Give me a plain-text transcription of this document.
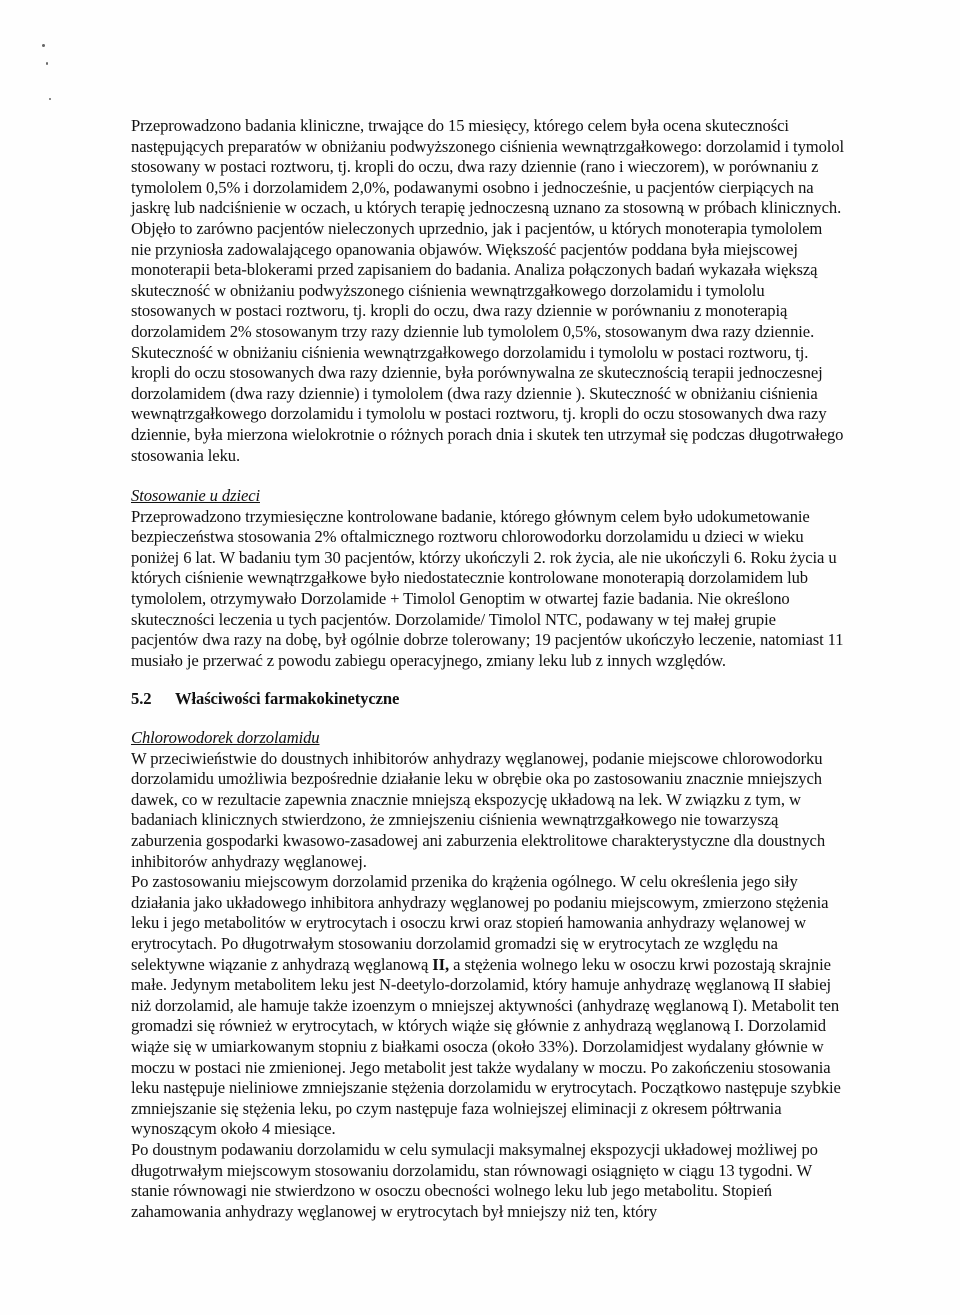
Przeprowadzono badania kliniczne, trwające do 15 miesięcy, którego celem była ocena skuteczności następujących preparatów w obniżaniu podwyższonego ciśnienia wewnątrzgałkowego: dorzolamid i tymolol stosowany w postaci roztworu, tj. kropli do oczu, dwa razy dziennie (rano i wieczorem), w porównaniu z tymololem 0,5% i dorzolamidem 2,0%, podawanymi osobno i jednocześnie, u pacjentów cierpiących na jaskrę lub nadciśnienie w oczach, u których terapię jednoczesną uznano za stosowną w próbach klinicznych. Objęło to zarówno pacjentów nieleczonych uprzednio, jak i pacjentów, u których monoterapia tymololem nie przyniosła zadowalającego opanowania objawów. Większość pacjentów poddana była miejscowej monoterapii beta-blokerami przed zapisaniem do badania. Analiza połączonych badań wykazała większą skuteczność w obniżaniu podwyższonego ciśnienia wewnątrzgałkowego dorzolamidu i tymololu stosowanych w postaci roztworu, tj. kropli do oczu, dwa razy dziennie w porównaniu z monoterapią dorzolamidem 2% stosowanym trzy razy dziennie lub tymololem 0,5%, stosowanym dwa razy dziennie. Skuteczność w obniżaniu ciśnienia wewnątrzgałkowego dorzolamidu i tymololu w postaci roztworu, tj. kropli do oczu stosowanych dwa razy dziennie, była porównywalna ze skutecznością terapii jednoczesnej dorzolamidem (dwa razy dziennie) i tymololem (dwa razy dziennie ). Skuteczność w obniżaniu ciśnienia wewnątrzgałkowego dorzolamidu i tymololu w postaci roztworu, tj. kropli do oczu stosowanych dwa razy dziennie, była mierzona wielokrotnie o różnych porach dnia i skutek ten utrzymał się podczas długotrwałego stosowania leku.

Stosowanie u dzieci

Przeprowadzono trzymiesięczne kontrolowane badanie, którego głównym celem było udokumetowanie bezpieczeństwa stosowania 2% oftalmicznego roztworu chlorowodorku dorzolamidu u dzieci w wieku poniżej 6 lat. W badaniu tym 30 pacjentów, którzy ukończyli 2. rok życia, ale nie ukończyli 6. Roku życia u których ciśnienie wewnątrzgałkowe było niedostatecznie kontrolowane monoterapią dorzolamidem lub tymololem, otrzymywało Dorzolamide + Timolol Genoptim w otwartej fazie badania. Nie określono skuteczności leczenia u tych pacjentów. Dorzolamide/ Timolol NTC, podawany w tej małej grupie pacjentów dwa razy na dobę, był ogólnie dobrze tolerowany; 19 pacjentów ukończyło leczenie, natomiast 11 musiało je przerwać z powodu zabiegu operacyjnego, zmiany leku lub z innych względów.

5.2 Właściwości farmakokinetyczne

Chlorowodorek dorzolamidu

W przeciwieństwie do doustnych inhibitorów anhydrazy węglanowej, podanie miejscowe chlorowodorku dorzolamidu umożliwia bezpośrednie działanie leku w obrębie oka po zastosowaniu znacznie mniejszych dawek, co w rezultacie zapewnia znacznie mniejszą ekspozycję układową na lek. W związku z tym, w badaniach klinicznych stwierdzono, że zmniejszeniu ciśnienia wewnątrzgałkowego nie towarzyszą zaburzenia gospodarki kwasowo-zasadowej ani zaburzenia elektrolitowe charakterystyczne dla doustnych inhibitorów anhydrazy węglanowej.

Po zastosowaniu miejscowym dorzolamid przenika do krążenia ogólnego. W celu określenia jego siły działania jako układowego inhibitora anhydrazy węglanowej po podaniu miejscowym, zmierzono stężenia leku i jego metabolitów w erytrocytach i osoczu krwi oraz stopień hamowania anhydrazy węlanowej w erytrocytach. Po długotrwałym stosowaniu dorzolamid gromadzi się w erytrocytach ze względu na selektywne wiązanie z anhydrazą węglanową II, a stężenia wolnego leku w osoczu krwi pozostają skrajnie małe. Jedynym metabolitem leku jest N-deetylo-dorzolamid, który hamuje anhydrazę węglanową II słabiej niż dorzolamid, ale hamuje także izoenzym o mniejszej aktywności (anhydrazę węglanową I). Metabolit ten gromadzi się również w erytrocytach, w których wiąże się głównie z anhydrazą węglanową I. Dorzolamid wiąże się w umiarkowanym stopniu z białkami osocza (około 33%). Dorzolamidjest wydalany głównie w moczu w postaci nie zmienionej. Jego metabolit jest także wydalany w moczu. Po zakończeniu stosowania leku następuje nieliniowe zmniejszanie stężenia dorzolamidu w erytrocytach. Początkowo następuje szybkie zmniejszanie się stężenia leku, po czym następuje faza wolniejszej eliminacji z okresem półtrwania wynoszącym około 4 miesiące.

Po doustnym podawaniu dorzolamidu w celu symulacji maksymalnej ekspozycji układowej możliwej po długotrwałym miejscowym stosowaniu dorzolamidu, stan równowagi osiągnięto w ciągu 13 tygodni. W stanie równowagi nie stwierdzono w osoczu obecności wolnego leku lub jego metabolitu. Stopień zahamowania anhydrazy węglanowej w erytrocytach był mniejszy niż ten, który
